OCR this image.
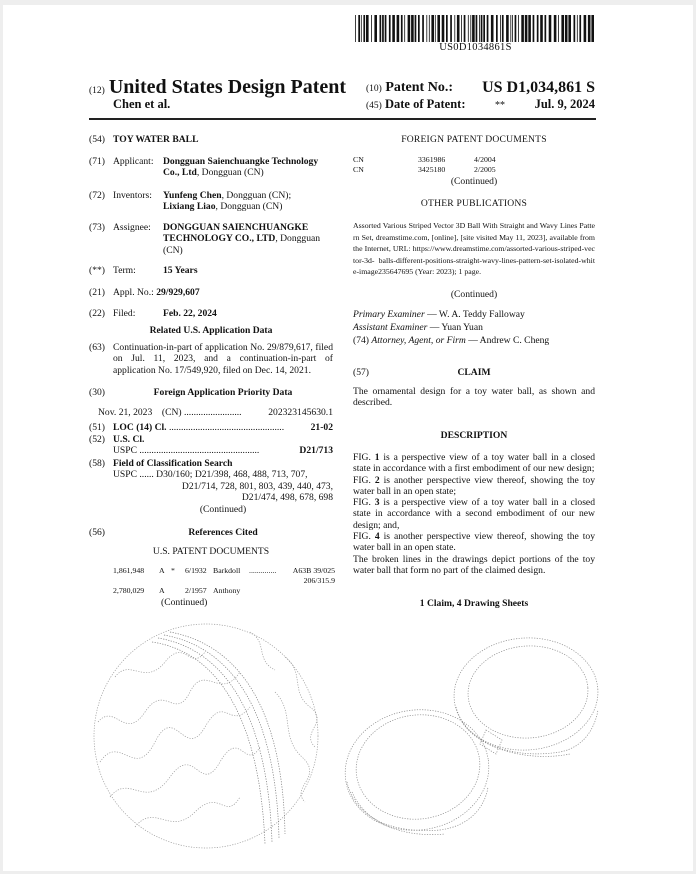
US0D1034861S
(12) United States Design Patent
Chen et al.
(10) Patent No.: US D1,034,861 S
(45) Date of Patent:	** Jul. 9, 2024
(54) TOY WATER BALL
(71) Applicant: Dongguan Saienchuangke Technology Co., Ltd, Dongguan (CN)
(72) Inventors:	Yunfeng Chen, Dongguan (CN);
Lixiang Liao, Dongguan (CN)
(73) Assignee:	DONGGUAN SAIENCHUANGKE TECHNOLOGY CO., LTD, Dongguan (CN)
(**) Term:	15 Years
(21) Appl. No.: 29/929,607
(22) Filed:	Feb. 22, 2024
Related U.S. Application Data
(63) Continuation-in-part of application No. 29/879,617, filed on Jul. 11, 2023, and a continuation-in-part of application No. 17/549,920, filed on Dec. 14, 2021.
(30)	Foreign Application Priority Data
Nov. 21, 2023 (CN) ........................	202323145630.1
(51) LOC (14) Cl. ................................................	21-02
(52) U.S. Cl.
USPC ..................................................	D21/713
(58) Field of Classification Search
USPC ...... D30/160; D21/398, 468, 488, 713, 707,
D21/714, 728, 801, 803, 439, 440, 473,
D21/474, 498, 678, 698
(Continued)
(56)	References Cited
U.S. PATENT DOCUMENTS
1,861,948	A *	6/1932 Barkdoll	..............	A63B 39/025
206/315.9
2,780,029	A	2/1957 Anthony
(Continued)
FOREIGN PATENT DOCUMENTS
CN	3361986	4/2004
CN	3425180	2/2005
(Continued)
OTHER PUBLICATIONS
Assorted Various Striped Vector 3D Ball With Straight and Wavy Lines Pattern Set, dreamstime.com, [online], [site visited May 11, 2023], available from the Internet, URL: https://www.dreamstime.com/assorted-various-striped-vector-3d- balls-different-positions-straight-wavy-lines-pattern-set-isolated-white-image235647695 (Year: 2023); 1 page.
(Continued)
Primary Examiner — W. A. Teddy Falloway
Assistant Examiner — Yuan Yuan
(74) Attorney, Agent, or Firm — Andrew C. Cheng
(57)	CLAIM
The ornamental design for a toy water ball, as shown and described.
DESCRIPTION
FIG. 1 is a perspective view of a toy water ball in a closed state in accordance with a first embodiment of our new design;
FIG. 2 is another perspective view thereof, showing the toy water ball in an open state;
FIG. 3 is a perspective view of a toy water ball in a closed state in accordance with a second embodiment of our new design; and,
FIG. 4 is another perspective view thereof, showing the toy water ball in an open state.
The broken lines in the drawings depict portions of the toy water ball that form no part of the claimed design.
1 Claim, 4 Drawing Sheets
